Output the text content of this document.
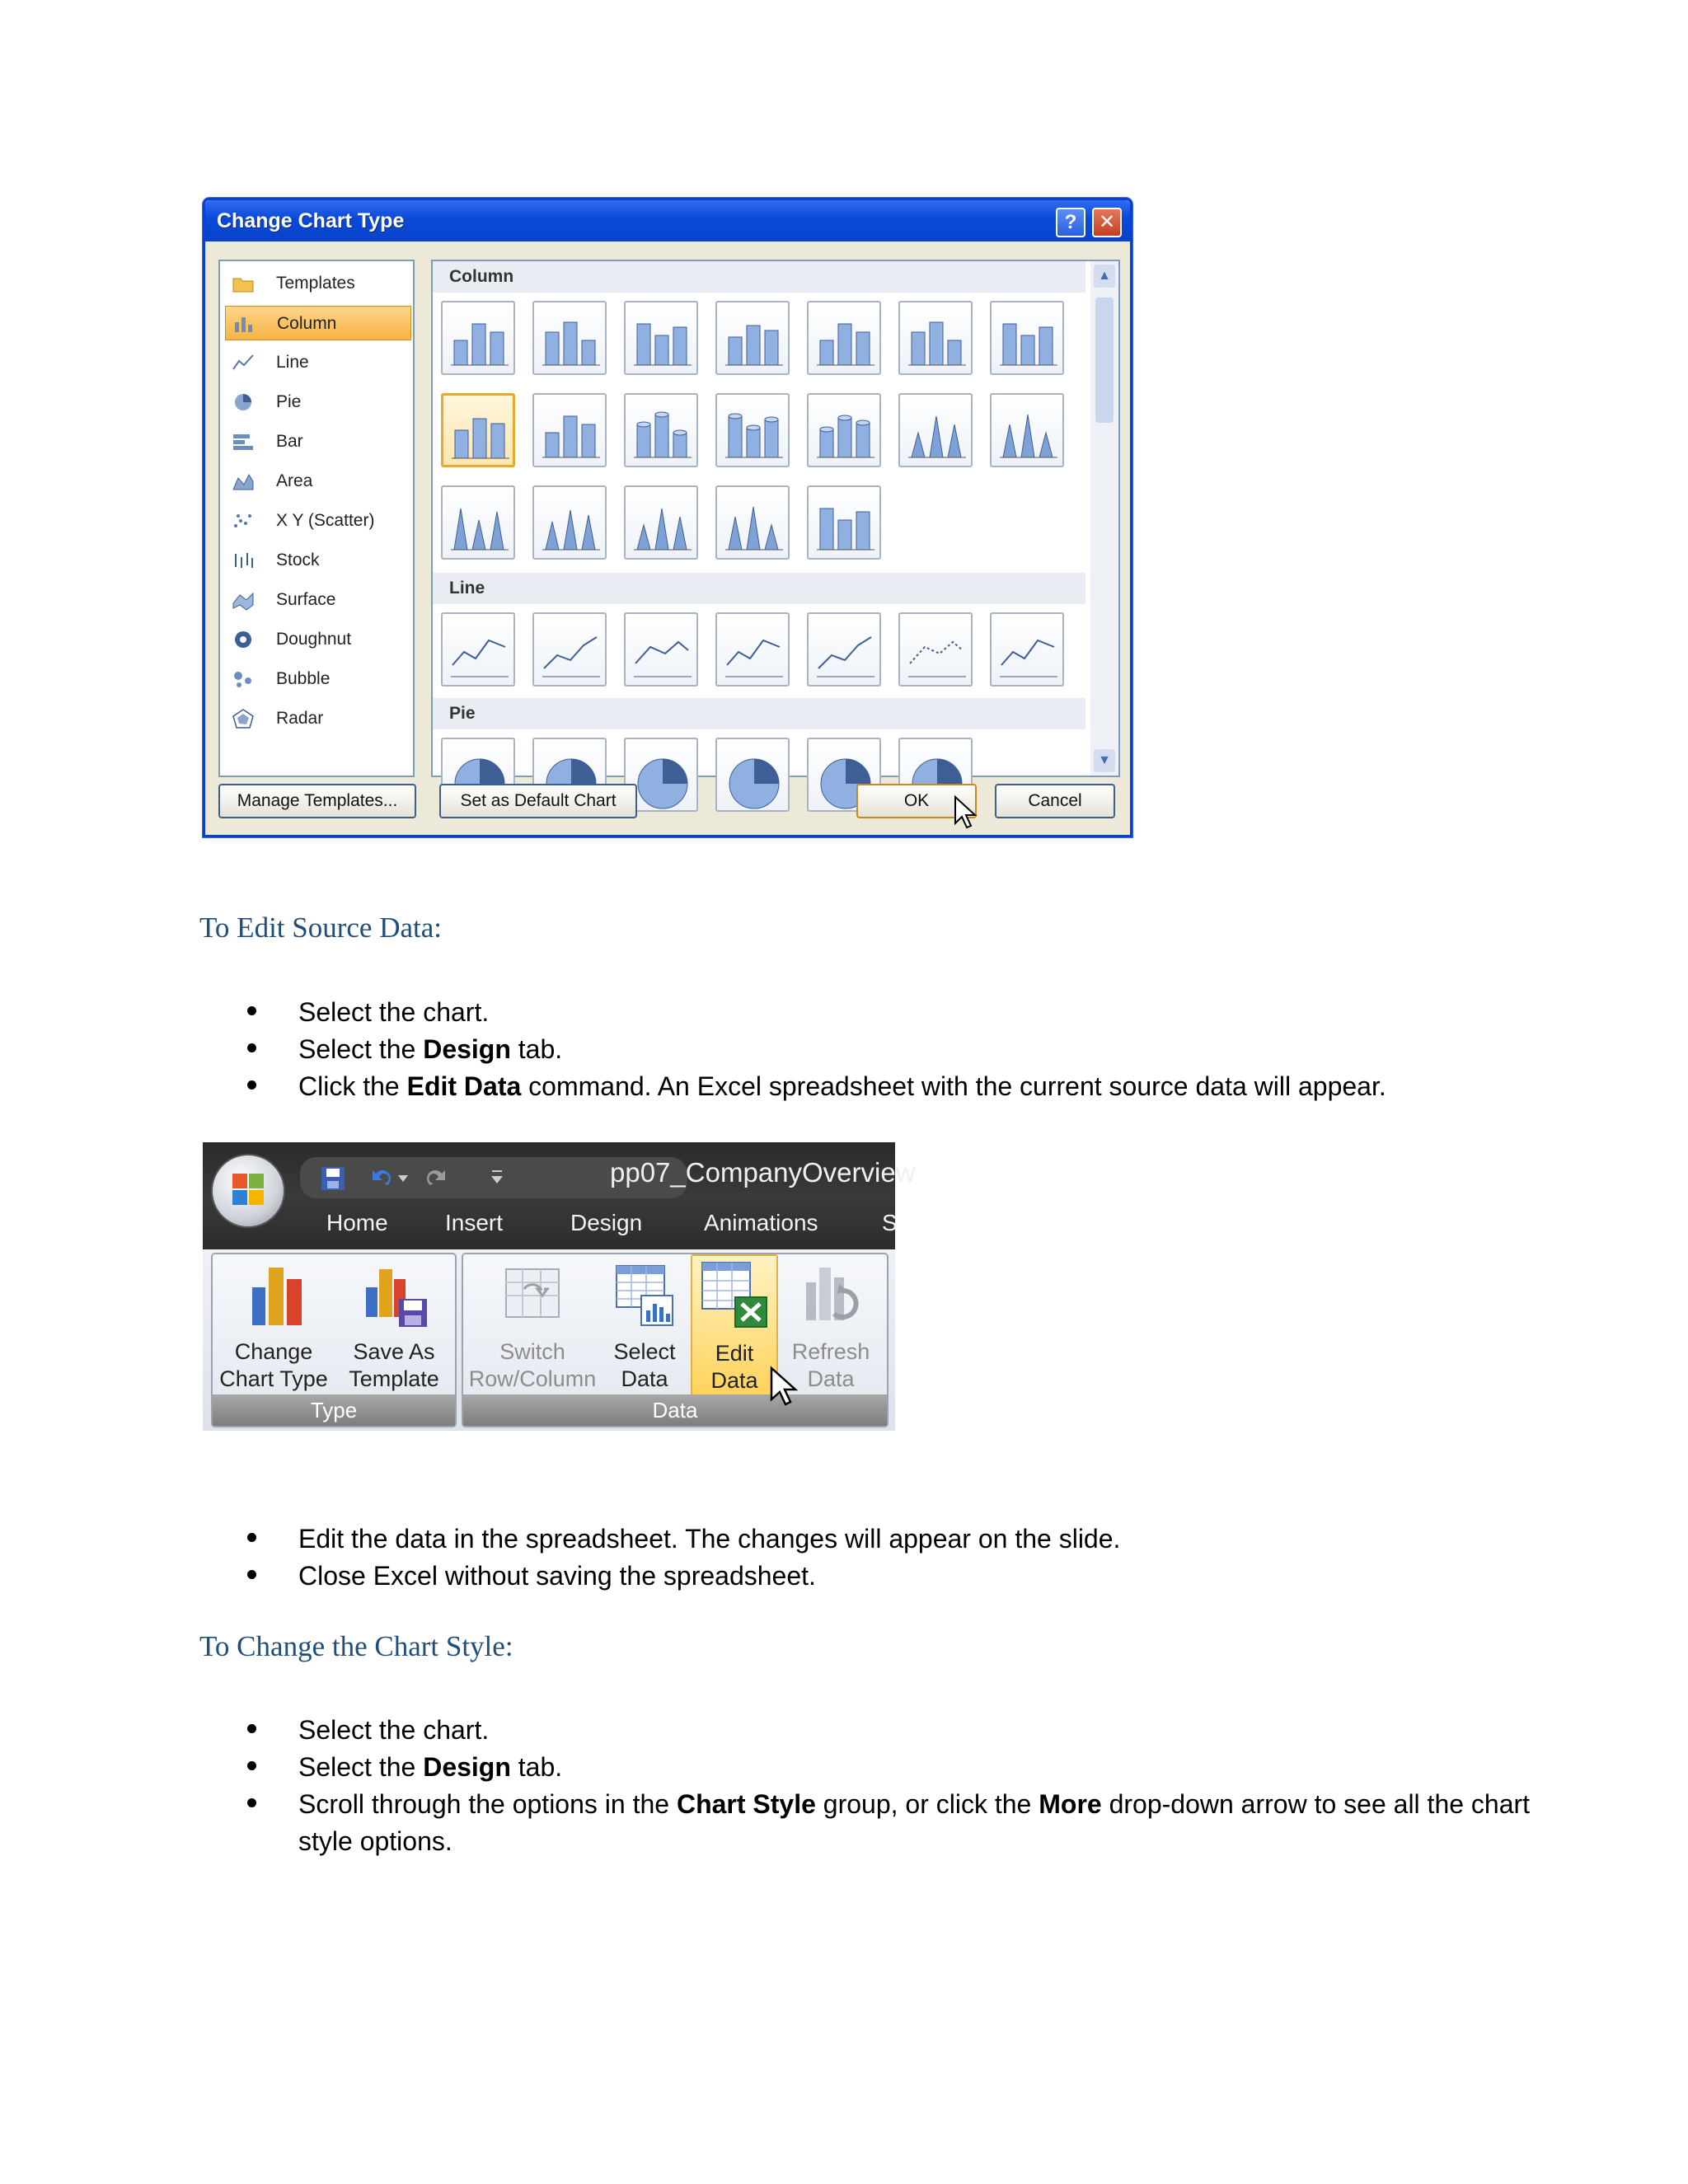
Change Chart Type	?	✕
Templates
Column
Line
Pie
Bar
Area
X Y (Scatter)
Stock
Surface
Doughnut
Bubble
Radar
Column
Line
Pie
▲
▼
Manage Templates...	Set as Default Chart	OK	Cancel
To Edit Source Data:
Select the chart.
Select the Design tab.
Click the Edit Data command. An Excel spreadsheet with the current source data will appear.
pp07_CompanyOverview
Home Insert	Design	Animations	S
Change
Chart Type
Save As
Template
Type
Switch
Row/Column
Select
Data
Edit
Data
Refresh
Data
Data
Edit the data in the spreadsheet. The changes will appear on the slide.
Close Excel without saving the spreadsheet.
To Change the Chart Style:
Select the chart.
Select the Design tab.
Scroll through the options in the Chart Style group, or click the More drop-down arrow to see all the chart style options.
